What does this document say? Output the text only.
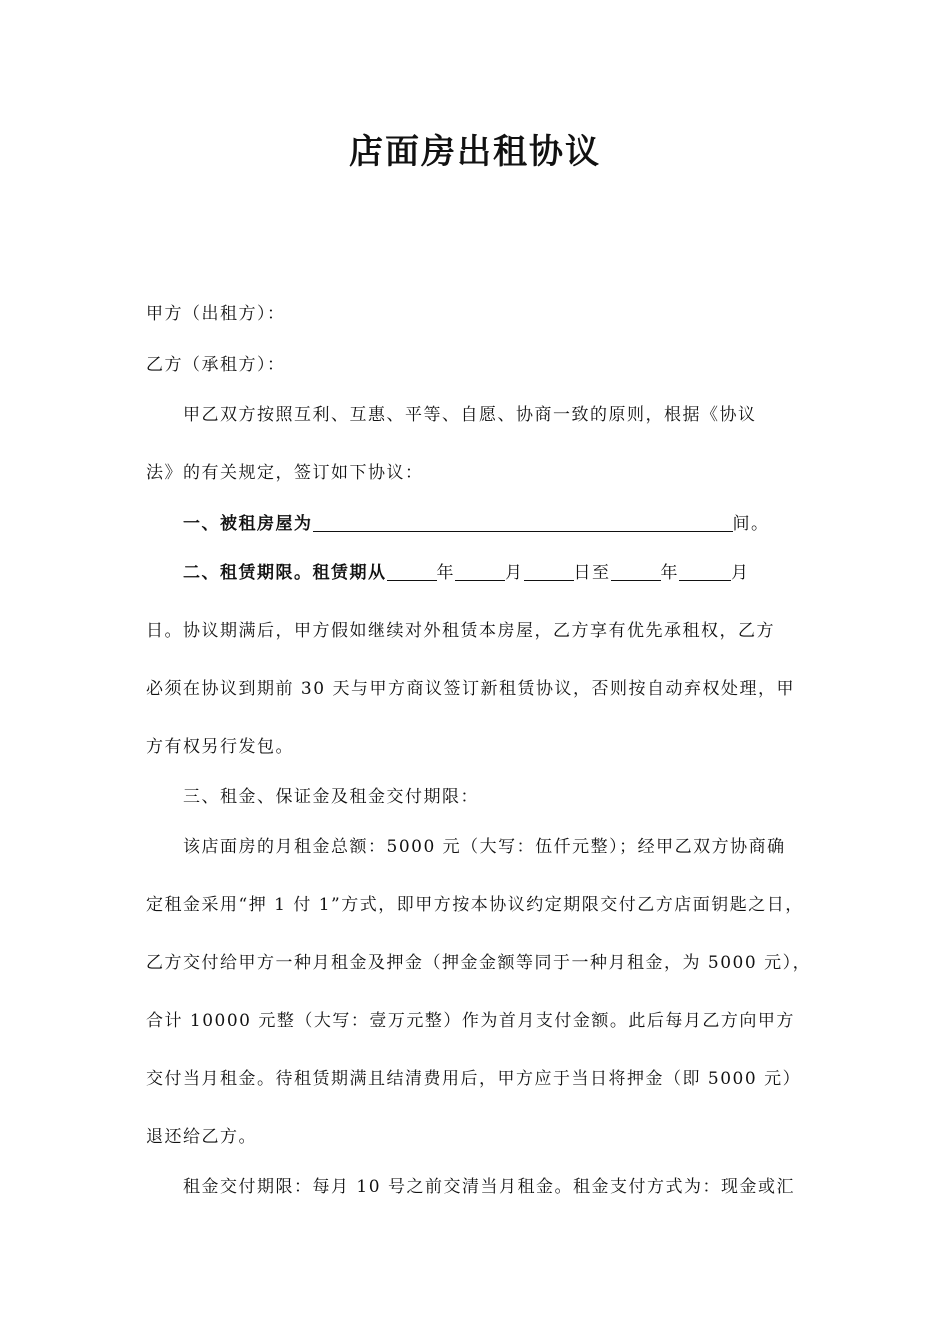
店面房出租协议
甲方（出租方）：
乙方（承租方）：
甲乙双方按照互利、互惠、平等、自愿、协商一致的原则，根据《协议
法》的有关规定，签订如下协议：
一、被租房屋为	间。
二、租赁期限。租赁期从	年	月	日至	年	月
日。协议期满后，甲方假如继续对外租赁本房屋，乙方享有优先承租权，乙方
必须在协议到期前 30 天与甲方商议签订新租赁协议，否则按自动弃权处理，甲
方有权另行发包。
三、租金、保证金及租金交付期限：
该店面房的月租金总额：5000 元（大写：伍仟元整）；经甲乙双方协商确
定租金采用“押 1 付 1”方式，即甲方按本协议约定期限交付乙方店面钥匙之日，
乙方交付给甲方一种月租金及押金（押金金额等同于一种月租金，为 5000 元），
合计 10000 元整（大写：壹万元整）作为首月支付金额。此后每月乙方向甲方
交付当月租金。待租赁期满且结清费用后，甲方应于当日将押金（即 5000 元）
退还给乙方。
租金交付期限：每月 10 号之前交清当月租金。租金支付方式为：现金或汇
